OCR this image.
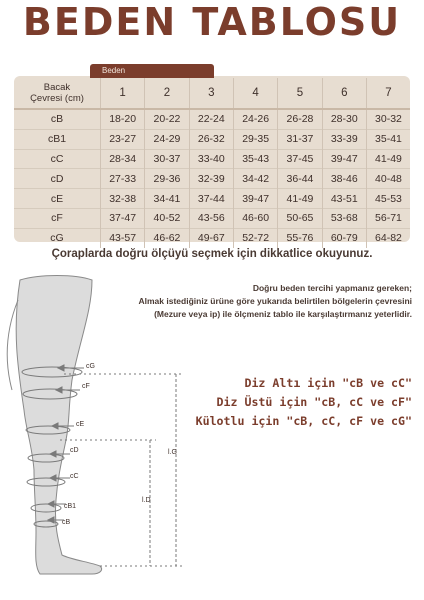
BEDEN TABLOSU
Beden
Bacak
Çevresi (cm)	1	2	3	4	5	6	7
cB	18-20	20-22	22-24	24-26	26-28	28-30	30-32
cB1	23-27	24-29	26-32	29-35	31-37	33-39	35-41
cC	28-34	30-37	33-40	35-43	37-45	39-47	41-49
cD	27-33	29-36	32-39	34-42	36-44	38-46	40-48
cE	32-38	34-41	37-44	39-47	41-49	43-51	45-53
cF	37-47	40-52	43-56	46-60	50-65	53-68	56-71
cG	43-57	46-62	49-67	52-72	55-76	60-79	64-82
Çoraplarda doğru ölçüyü seçmek için dikkatlice okuyunuz.
Doğru beden tercihi yapmanız gereken;
Almak istediğiniz ürüne göre yukarıda belirtilen bölgelerin çevresini
(Mezure veya ip) ile ölçmeniz tablo ile karşılaştırmanız yeterlidir.
Diz Altı için "cB ve cC"
Diz Üstü için "cB, cC ve cF"
Külotlu için "cB, cC, cF ve cG"
cG
cF
cE
cD
cC
cB1
cB
l.G
l.D
